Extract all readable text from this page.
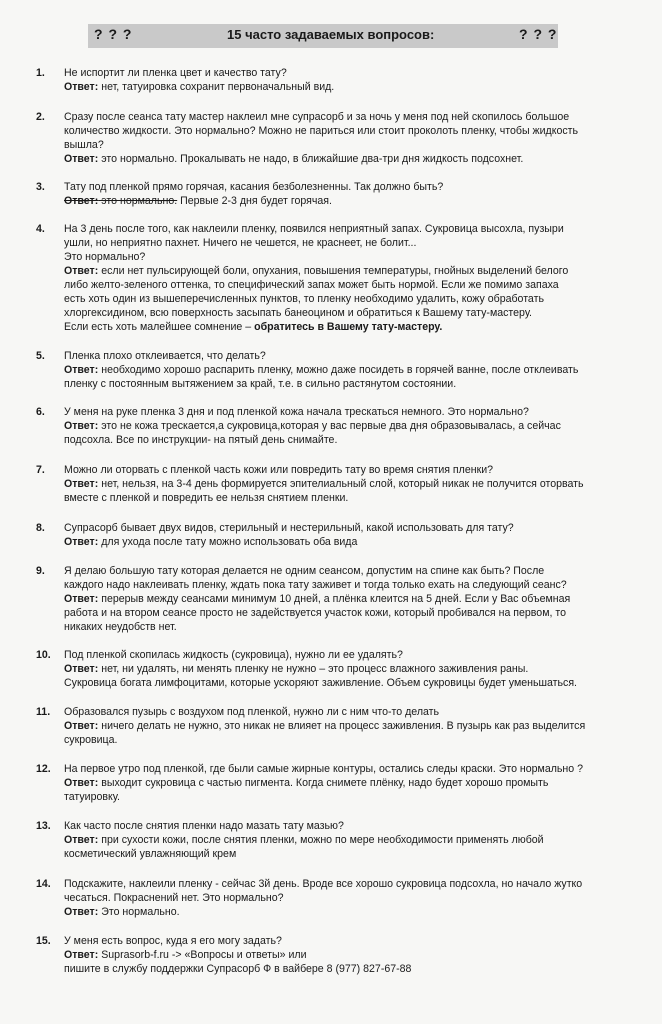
? ? ?	15 часто задаваемых вопросов:	? ? ?
1. Не испортит ли пленка цвет и качество тату?
Ответ: нет, татуировка сохранит первоначальный вид.
2. Сразу после сеанса тату мастер наклеил мне супрасорб и за ночь у меня под ней скопилось большое
количество жидкости. Это нормально? Можно не париться или стоит проколоть пленку, чтобы жидкость
вышла?
Ответ: это нормально. Прокалывать не надо, в ближайшие два-три дня жидкость подсохнет.
3. Тату под пленкой прямо горячая, касания безболезненны. Так должно быть?
Ответ: это нормально. Первые 2-3 дня будет горячая.
4. На 3 день после того, как наклеили пленку, появился неприятный запах. Сукровица высохла, пузыри
ушли, но неприятно пахнет. Ничего не чешется, не краснеет, не болит...
Это нормально?
Ответ: если нет пульсирующей боли, опухания, повышения температуры, гнойных выделений белого
либо желто-зеленого оттенка, то специфический запах может быть нормой. Если же помимо запаха
есть хоть один из вышеперечисленных пунктов, то пленку необходимо удалить, кожу обработать
хлоргексидином, всю поверхность засыпать банеоцином и обратиться к Вашему тату-мастеру.
Если есть хоть малейшее сомнение – обратитесь в Вашему тату-мастеру.
5. Пленка плохо отклеивается, что делать?
Ответ: необходимо хорошо распарить пленку, можно даже посидеть в горячей ванне, после отклеивать
пленку с постоянным вытяжением за край, т.е. в сильно растянутом состоянии.
6. У меня на руке пленка 3 дня и под пленкой кожа начала трескаться немного. Это нормально?
Ответ: это не кожа трескается,а сукровица,которая у вас первые два дня образовывалась, а сейчас
подсохла. Все по инструкции- на пятый день снимайте.
7. Можно ли оторвать с пленкой часть кожи или повредить тату во время снятия пленки?
Ответ: нет, нельзя, на 3-4 день формируется эпителиальный слой, который никак не получится оторвать
вместе с пленкой и повредить ее нельзя снятием пленки.
8. Супрасорб бывает двух видов, стерильный и нестерильный, какой использовать для тату?
Ответ: для ухода после тату можно использовать оба вида
9. Я делаю большую тату которая делается не одним сеансом, допустим на спине как быть? После
каждого надо наклеивать пленку, ждать пока тату заживет и тогда только ехать на следующий сеанс?
Ответ: перерыв между сеансами минимум 10 дней, а плёнка клеится на 5 дней. Если у Вас объемная
работа и на втором сеансе просто не задействуется участок кожи, который пробивался на первом, то
никаких неудобств нет.
10. Под пленкой скопилась жидкость (сукровица), нужно ли ее удалять?
Ответ: нет, ни удалять, ни менять пленку не нужно – это процесс влажного заживления раны.
Сукровица богата лимфоцитами, которые ускоряют заживление. Объем сукровицы будет уменьшаться.
11. Образовался пузырь с воздухом под пленкой, нужно ли с ним что-то делать
Ответ: ничего делать не нужно, это никак не влияет на процесс заживления. В пузырь как раз выделится
сукровица.
12. На первое утро под пленкой, где были самые жирные контуры, остались следы краски. Это нормально ?
Ответ: выходит сукровица с частью пигмента. Когда снимете плёнку, надо будет хорошо промыть
татуировку.
13. Как часто после снятия пленки надо мазать тату мазью?
Ответ: при сухости кожи, после снятия пленки, можно по мере необходимости применять любой
косметический увлажняющий крем
14. Подскажите, наклеили пленку - сейчас 3й день. Вроде все хорошо сукровица подсохла, но начало жутко
чесаться. Покраснений нет. Это нормально?
Ответ: Это нормально.
15. У меня есть вопрос, куда я его могу задать?
Ответ: Suprasorb-f.ru -> «Вопросы и ответы» или
пишите в службу поддержки Супрасорб Ф в вайбере 8 (977) 827-67-88
